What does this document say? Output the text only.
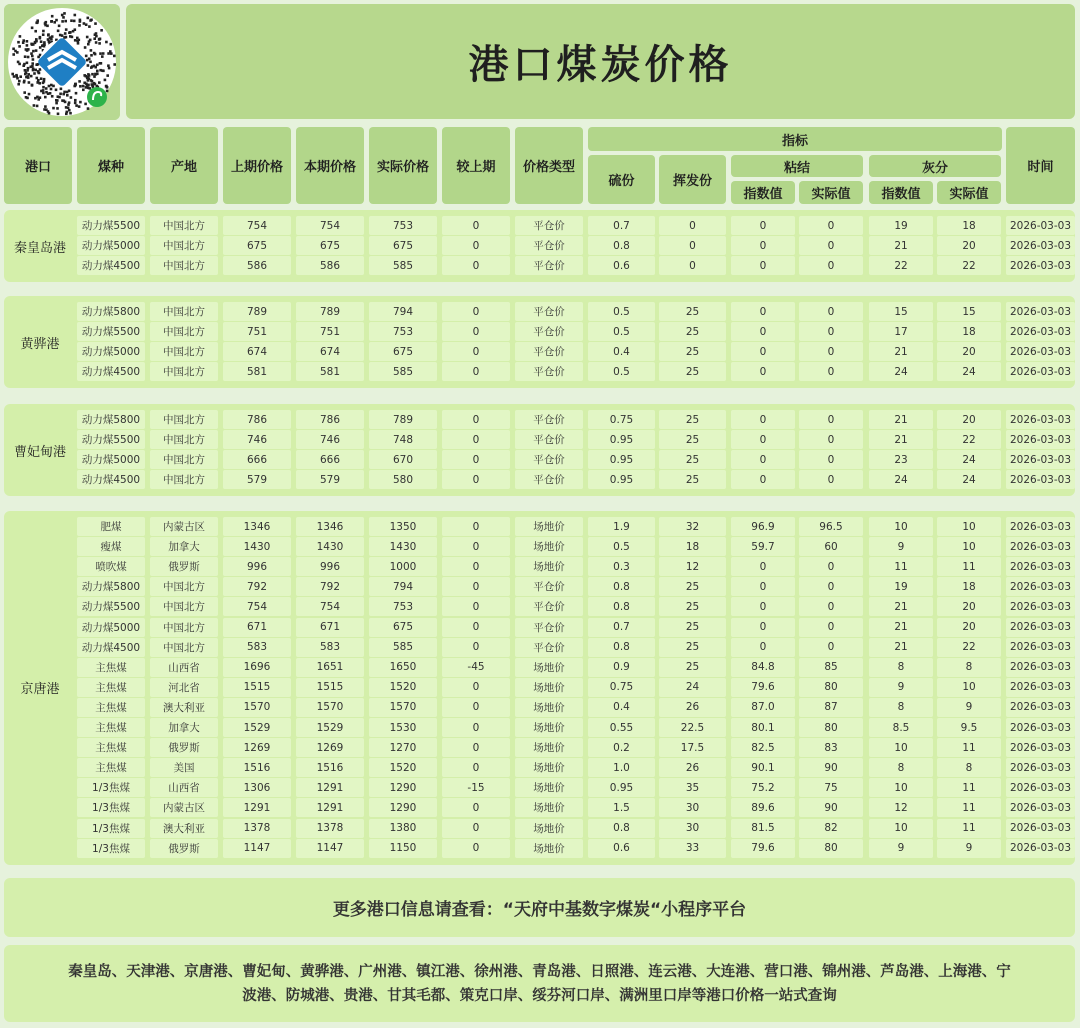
港口煤炭价格
港口	煤种	产地	上期价格	本期价格	实际价格	较上期	价格类型
指标
硫份	挥发份
粘结	灰分
指数值	实际值	指数值	实际值
时间
秦皇岛港
动力煤5500	中国北方	754	754	753	0	平仓价	0.7	0	0	0	19	18	2026-03-03
动力煤5000	中国北方	675	675	675	0	平仓价	0.8	0	0	0	21	20	2026-03-03
动力煤4500	中国北方	586	586	585	0	平仓价	0.6	0	0	0	22	22	2026-03-03
黄骅港
动力煤5800	中国北方	789	789	794	0	平仓价	0.5	25	0	0	15	15	2026-03-03
动力煤5500	中国北方	751	751	753	0	平仓价	0.5	25	0	0	17	18	2026-03-03
动力煤5000	中国北方	674	674	675	0	平仓价	0.4	25	0	0	21	20	2026-03-03
动力煤4500	中国北方	581	581	585	0	平仓价	0.5	25	0	0	24	24	2026-03-03
曹妃甸港
动力煤5800	中国北方	786	786	789	0	平仓价	0.75	25	0	0	21	20	2026-03-03
动力煤5500	中国北方	746	746	748	0	平仓价	0.95	25	0	0	21	22	2026-03-03
动力煤5000	中国北方	666	666	670	0	平仓价	0.95	25	0	0	23	24	2026-03-03
动力煤4500	中国北方	579	579	580	0	平仓价	0.95	25	0	0	24	24	2026-03-03
京唐港
肥煤	内蒙古区	1346	1346	1350	0	场地价	1.9	32	96.9	96.5	10	10	2026-03-03
瘦煤	加拿大	1430	1430	1430	0	场地价	0.5	18	59.7	60	9	10	2026-03-03
喷吹煤	俄罗斯	996	996	1000	0	场地价	0.3	12	0	0	11	11	2026-03-03
动力煤5800	中国北方	792	792	794	0	平仓价	0.8	25	0	0	19	18	2026-03-03
动力煤5500	中国北方	754	754	753	0	平仓价	0.8	25	0	0	21	20	2026-03-03
动力煤5000	中国北方	671	671	675	0	平仓价	0.7	25	0	0	21	20	2026-03-03
动力煤4500	中国北方	583	583	585	0	平仓价	0.8	25	0	0	21	22	2026-03-03
主焦煤	山西省	1696	1651	1650	-45	场地价	0.9	25	84.8	85	8	8	2026-03-03
主焦煤	河北省	1515	1515	1520	0	场地价	0.75	24	79.6	80	9	10	2026-03-03
主焦煤	澳大利亚	1570	1570	1570	0	场地价	0.4	26	87.0	87	8	9	2026-03-03
主焦煤	加拿大	1529	1529	1530	0	场地价	0.55	22.5	80.1	80	8.5	9.5	2026-03-03
主焦煤	俄罗斯	1269	1269	1270	0	场地价	0.2	17.5	82.5	83	10	11	2026-03-03
主焦煤	美国	1516	1516	1520	0	场地价	1.0	26	90.1	90	8	8	2026-03-03
1/3焦煤	山西省	1306	1291	1290	-15	场地价	0.95	35	75.2	75	10	11	2026-03-03
1/3焦煤	内蒙古区	1291	1291	1290	0	场地价	1.5	30	89.6	90	12	11	2026-03-03
1/3焦煤	澳大利亚	1378	1378	1380	0	场地价	0.8	30	81.5	82	10	11	2026-03-03
1/3焦煤	俄罗斯	1147	1147	1150	0	场地价	0.6	33	79.6	80	9	9	2026-03-03
更多港口信息请查看：“天府中基数字煤炭“小程序平台
秦皇岛、天津港、京唐港、曹妃甸、黄骅港、广州港、镇江港、徐州港、青岛港、日照港、连云港、大连港、营口港、锦州港、芦岛港、上海港、宁波港、防城港、贵港、甘其毛都、策克口岸、绥芬河口岸、满洲里口岸等港口价格一站式查询
